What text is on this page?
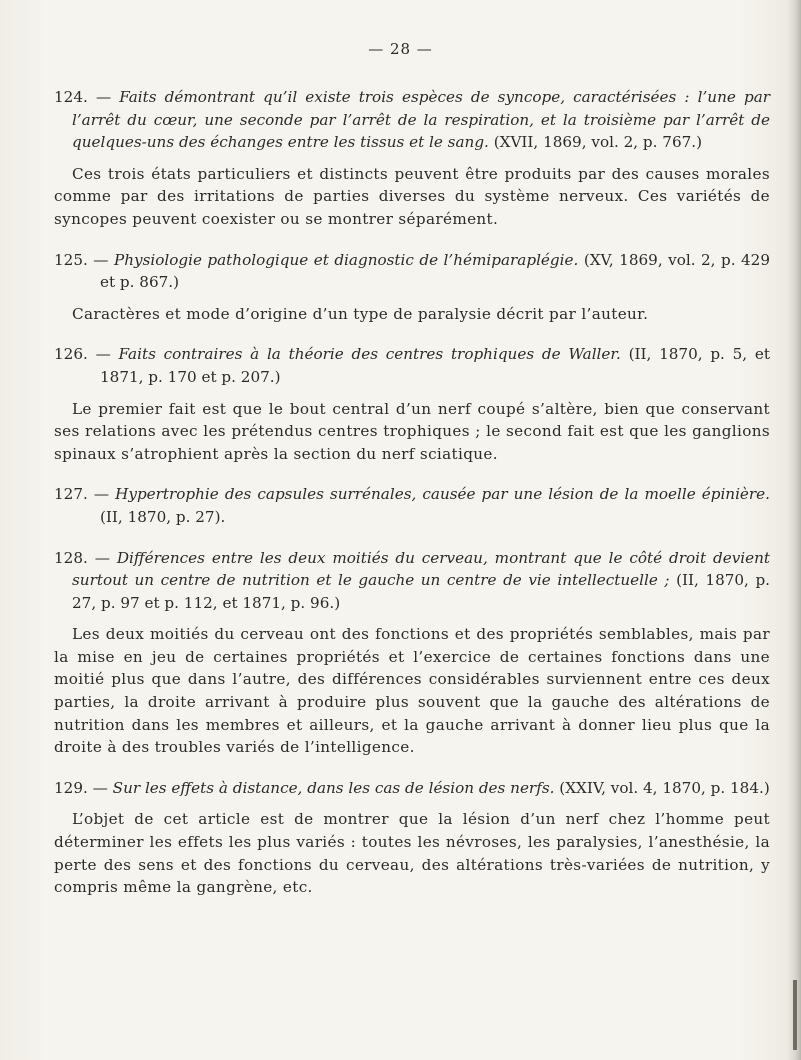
— 28 —

124. — Faits démontrant qu’il existe trois espèces de syncope, caractérisées : l’une par l’arrêt du cœur, une seconde par l’arrêt de la respiration, et la troisième par l’arrêt de quelques-uns des échanges entre les tissus et le sang. (XVII, 1869, vol. 2, p. 767.)

Ces trois états particuliers et distincts peuvent être produits par des causes morales comme par des irritations de parties diverses du système nerveux. Ces variétés de syncopes peuvent coexister ou se montrer séparément.

125. — Physiologie pathologique et diagnostic de l’hémiparaplégie. (XV, 1869, vol. 2, p. 429 et p. 867.)

Caractères et mode d’origine d’un type de paralysie décrit par l’auteur.

126. — Faits contraires à la théorie des centres trophiques de Waller. (II, 1870, p. 5, et 1871, p. 170 et p. 207.)

Le premier fait est que le bout central d’un nerf coupé s’altère, bien que conservant ses relations avec les prétendus centres trophiques ; le second fait est que les ganglions spinaux s’atrophient après la section du nerf sciatique.

127. — Hypertrophie des capsules surrénales, causée par une lésion de la moelle épinière. (II, 1870, p. 27).

128. — Différences entre les deux moitiés du cerveau, montrant que le côté droit devient surtout un centre de nutrition et le gauche un centre de vie intellectuelle ; (II, 1870, p. 27, p. 97 et p. 112, et 1871, p. 96.)

Les deux moitiés du cerveau ont des fonctions et des propriétés semblables, mais par la mise en jeu de certaines propriétés et l’exercice de certaines fonctions dans une moitié plus que dans l’autre, des différences considérables surviennent entre ces deux parties, la droite arrivant à produire plus souvent que la gauche des altérations de nutrition dans les membres et ailleurs, et la gauche arrivant à donner lieu plus que la droite à des troubles variés de l’intelligence.

129. — Sur les effets à distance, dans les cas de lésion des nerfs. (XXIV, vol. 4, 1870, p. 184.)

L’objet de cet article est de montrer que la lésion d’un nerf chez l’homme peut déterminer les effets les plus variés : toutes les névroses, les paralysies, l’anesthésie, la perte des sens et des fonctions du cerveau, des altérations très-variées de nutrition, y compris même la gangrène, etc.
